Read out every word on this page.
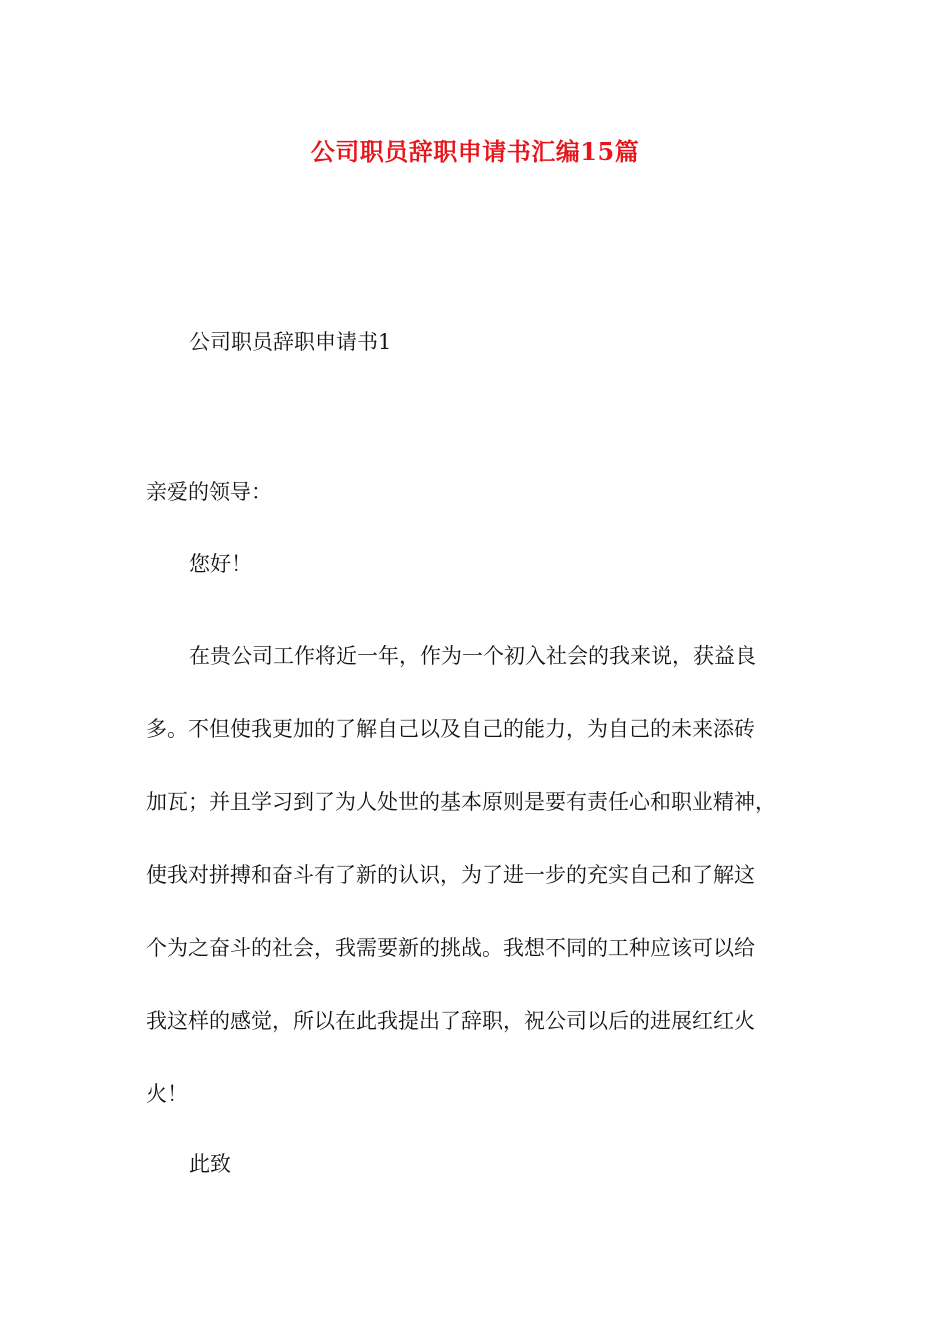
公司职员辞职申请书汇编15篇
公司职员辞职申请书1
亲爱的领导：
您好！
在贵公司工作将近一年，作为一个初入社会的我来说，获益良
多。不但使我更加的了解自己以及自己的能力，为自己的未来添砖
加瓦；并且学习到了为人处世的基本原则是要有责任心和职业精神，
使我对拼搏和奋斗有了新的认识，为了进一步的充实自己和了解这
个为之奋斗的社会，我需要新的挑战。我想不同的工种应该可以给
我这样的感觉，所以在此我提出了辞职，祝公司以后的进展红红火
火！
此致
